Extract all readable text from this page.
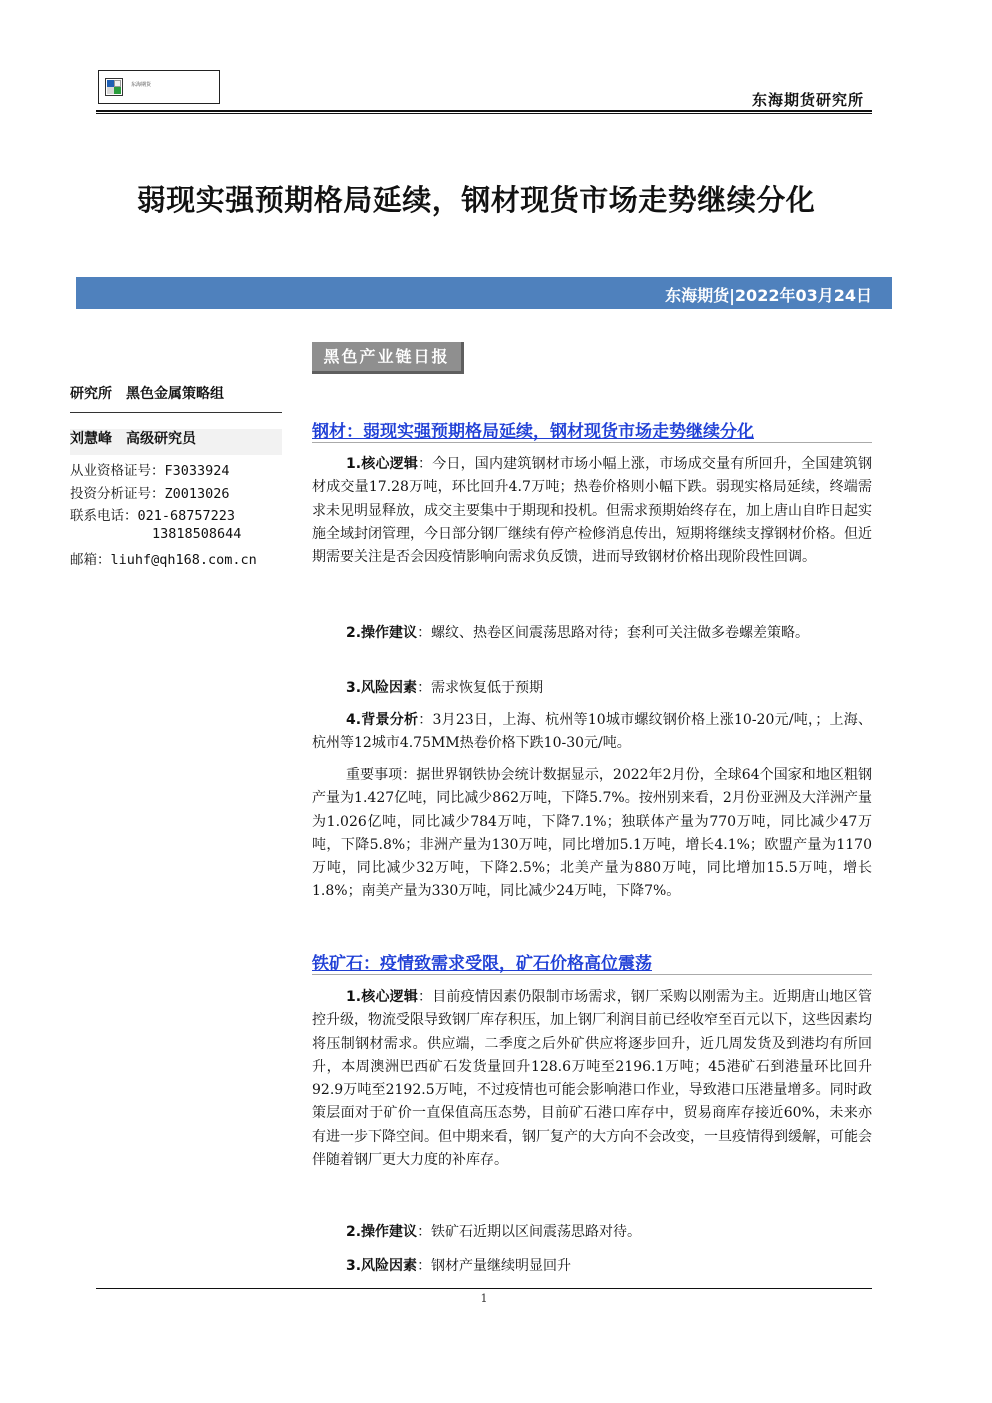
东海期货
东海期货研究所
弱现实强预期格局延续，钢材现货市场走势继续分化
东海期货|2022年03月24日
黑色产业链日报
研究所　黑色金属策略组
刘慧峰　高级研究员
从业资格证号：F3033924
投资分析证号：Z0013026
联系电话：021-68757223
13818508644
邮箱：liuhf@qh168.com.cn
钢材：弱现实强预期格局延续，钢材现货市场走势继续分化

1.核心逻辑：今日，国内建筑钢材市场小幅上涨，市场成交量有所回升，全国建筑钢材成交量17.28万吨，环比回升4.7万吨；热卷价格则小幅下跌。弱现实格局延续，终端需求未见明显释放，成交主要集中于期现和投机。但需求预期始终存在，加上唐山自昨日起实施全域封闭管理，今日部分钢厂继续有停产检修消息传出，短期将继续支撑钢材价格。但近期需要关注是否会因疫情影响向需求负反馈，进而导致钢材价格出现阶段性回调。

2.操作建议：螺纹、热卷区间震荡思路对待；套利可关注做多卷螺差策略。

3.风险因素：需求恢复低于预期

4.背景分析：3月23日，上海、杭州等10城市螺纹钢价格上涨10-20元/吨，；上海、杭州等12城市4.75MM热卷价格下跌10-30元/吨。

重要事项：据世界钢铁协会统计数据显示，2022年2月份，全球64个国家和地区粗钢产量为1.427亿吨，同比减少862万吨，下降5.7%。按州别来看，2月份亚洲及大洋洲产量为1.026亿吨，同比减少784万吨，下降7.1%；独联体产量为770万吨，同比减少47万吨，下降5.8%；非洲产量为130万吨，同比增加5.1万吨，增长4.1%；欧盟产量为1170万吨，同比减少32万吨，下降2.5%；北美产量为880万吨，同比增加15.5万吨，增长1.8%；南美产量为330万吨，同比减少24万吨，下降7%。

铁矿石：疫情致需求受限，矿石价格高位震荡

1.核心逻辑：目前疫情因素仍限制市场需求，钢厂采购以刚需为主。近期唐山地区管控升级，物流受限导致钢厂库存积压，加上钢厂利润目前已经收窄至百元以下，这些因素均将压制钢材需求。供应端，二季度之后外矿供应将逐步回升，近几周发货及到港均有所回升，本周澳洲巴西矿石发货量回升128.6万吨至2196.1万吨；45港矿石到港量环比回升92.9万吨至2192.5万吨，不过疫情也可能会影响港口作业，导致港口压港量增多。同时政策层面对于矿价一直保值高压态势，目前矿石港口库存中，贸易商库存接近60%，未来亦有进一步下降空间。但中期来看，钢厂复产的大方向不会改变，一旦疫情得到缓解，可能会伴随着钢厂更大力度的补库存。

2.操作建议：铁矿石近期以区间震荡思路对待。

3.风险因素：钢材产量继续明显回升

1
